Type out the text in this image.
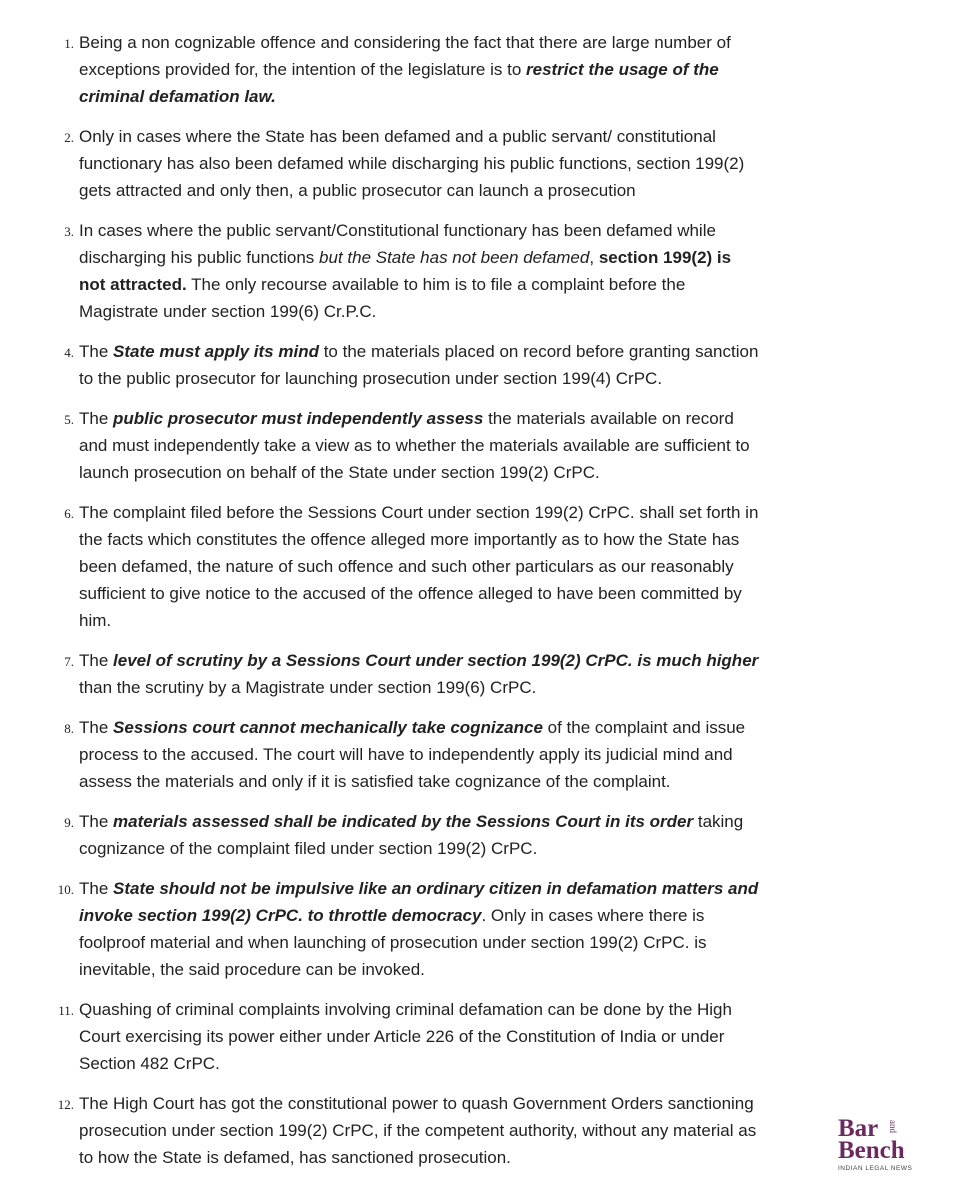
1. Being a non cognizable offence and considering the fact that there are large number of exceptions provided for, the intention of the legislature is to restrict the usage of the criminal defamation law.
2. Only in cases where the State has been defamed and a public servant/ constitutional functionary has also been defamed while discharging his public functions, section 199(2) gets attracted and only then, a public prosecutor can launch a prosecution
3. In cases where the public servant/Constitutional functionary has been defamed while discharging his public functions but the State has not been defamed, section 199(2) is not attracted. The only recourse available to him is to file a complaint before the Magistrate under section 199(6) Cr.P.C.
4. The State must apply its mind to the materials placed on record before granting sanction to the public prosecutor for launching prosecution under section 199(4) CrPC.
5. The public prosecutor must independently assess the materials available on record and must independently take a view as to whether the materials available are sufficient to launch prosecution on behalf of the State under section 199(2) CrPC.
6. The complaint filed before the Sessions Court under section 199(2) CrPC. shall set forth in the facts which constitutes the offence alleged more importantly as to how the State has been defamed, the nature of such offence and such other particulars as our reasonably sufficient to give notice to the accused of the offence alleged to have been committed by him.
7. The level of scrutiny by a Sessions Court under section 199(2) CrPC. is much higher than the scrutiny by a Magistrate under section 199(6) CrPC.
8. The Sessions court cannot mechanically take cognizance of the complaint and issue process to the accused. The court will have to independently apply its judicial mind and assess the materials and only if it is satisfied take cognizance of the complaint.
9. The materials assessed shall be indicated by the Sessions Court in its order taking cognizance of the complaint filed under section 199(2) CrPC.
10. The State should not be impulsive like an ordinary citizen in defamation matters and invoke section 199(2) CrPC. to throttle democracy. Only in cases where there is foolproof material and when launching of prosecution under section 199(2) CrPC. is inevitable, the said procedure can be invoked.
11. Quashing of criminal complaints involving criminal defamation can be done by the High Court exercising its power either under Article 226 of the Constitution of India or under Section 482 CrPC.
12. The High Court has got the constitutional power to quash Government Orders sanctioning prosecution under section 199(2) CrPC, if the competent authority, without any material as to how the State is defamed, has sanctioned prosecution.
Bar	and
Bench
INDIAN LEGAL NEWS
